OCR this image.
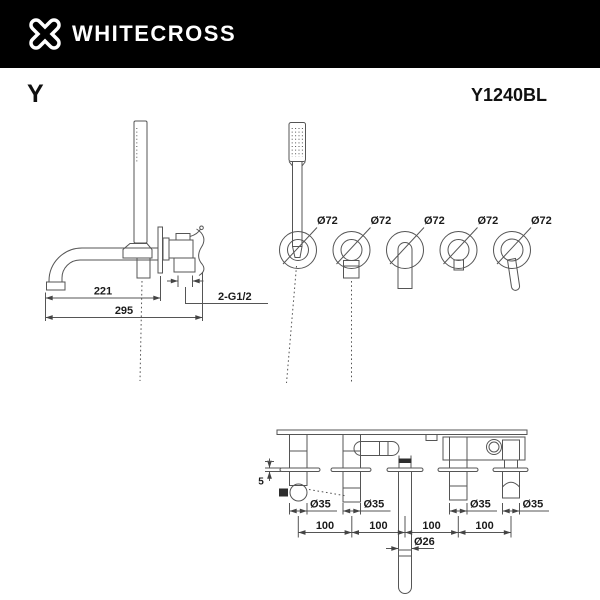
WHITECROSS
Y	Y1240BL
221
295
2-G1/2
Ø72	Ø72	Ø72	Ø72	Ø72
5
Ø35	Ø35	Ø35	Ø35
100	100	100	100
Ø26
